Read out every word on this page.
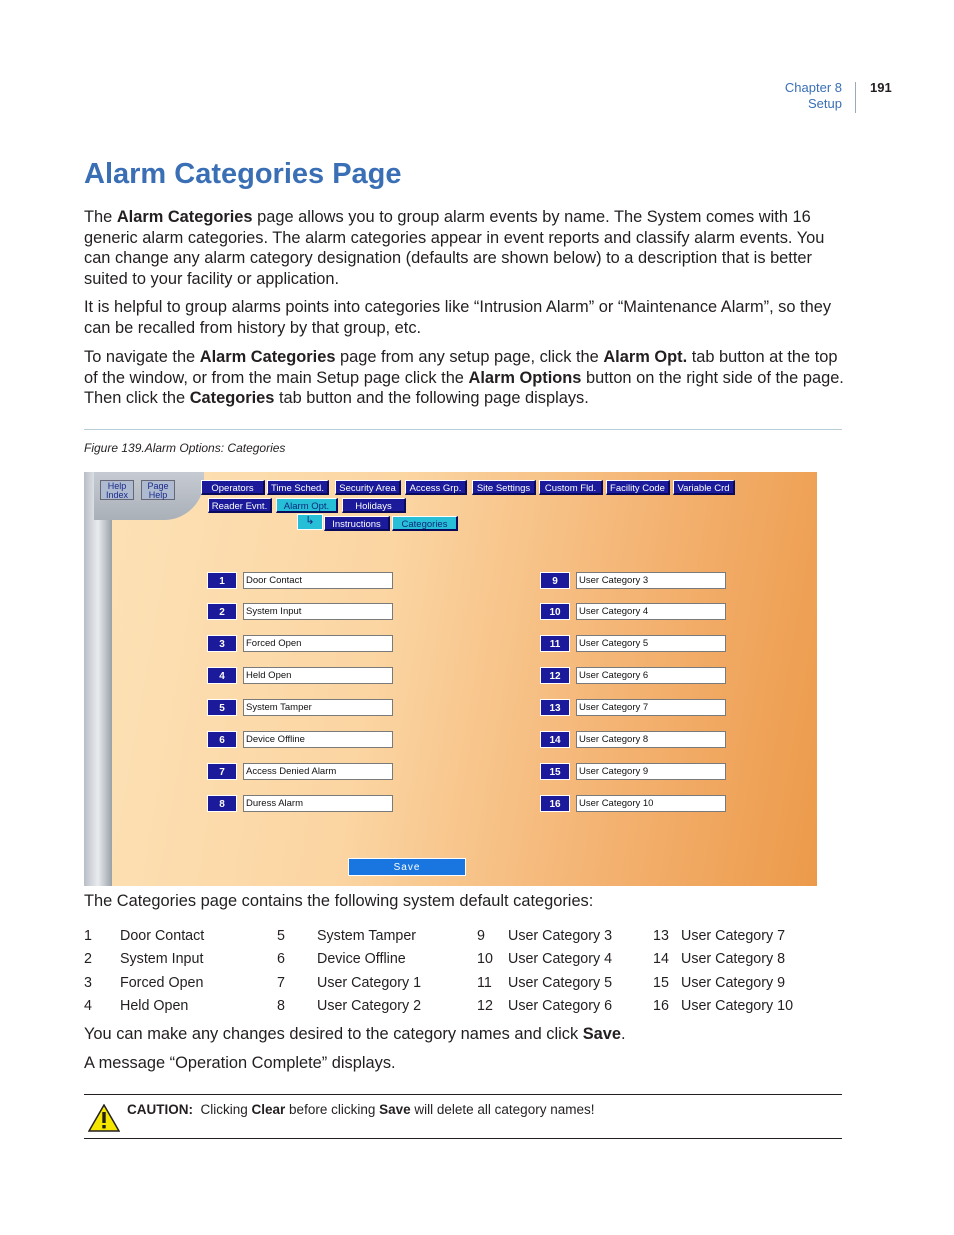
Chapter 8
Setup
191
Alarm Categories Page

The Alarm Categories page allows you to group alarm events by name. The System comes with 16 generic alarm categories. The alarm categories appear in event reports and classify alarm events. You can change any alarm category designation (defaults are shown below) to a description that is better suited to your facility or application.

It is helpful to group alarms points into categories like “Intrusion Alarm” or “Maintenance Alarm”, so they can be recalled from history by that group, etc.

To navigate the Alarm Categories page from any setup page, click the Alarm Opt. tab button at the top of the window, or from the main Setup page click the Alarm Options button on the right side of the page. Then click the Categories tab button and the following page displays.

Figure 139.Alarm Options: Categories
Help
Index
Page
Help
Operators	Time Sched.	Security Area	Access Grp.	Site Settings	Custom Fld.	Facility Code	Variable Crd
Reader Evnt.	Alarm Opt.	Holidays
↳	Instructions	Categories
1
Door Contact
2
System Input
3
Forced Open
4
Held Open
5
System Tamper
6
Device Offline
7
Access Denied Alarm
8
Duress Alarm
9
User Category 3
10
User Category 4
11
User Category 5
12
User Category 6
13
User Category 7
14
User Category 8
15
User Category 9
16
User Category 10
Save

The Categories page contains the following system default categories:

1 Door Contact
2 System Input
3 Forced Open
4 Held Open
5 System Tamper
6 Device Offline
7 User Category 1
8 User Category 2
9 User Category 3
10 User Category 4
11 User Category 5
12 User Category 6
13 User Category 7
14 User Category 8
15 User Category 9
16 User Category 10

You can make any changes desired to the category names and click Save.

A message “Operation Complete” displays.

CAUTION:  Clicking Clear before clicking Save will delete all category names!
